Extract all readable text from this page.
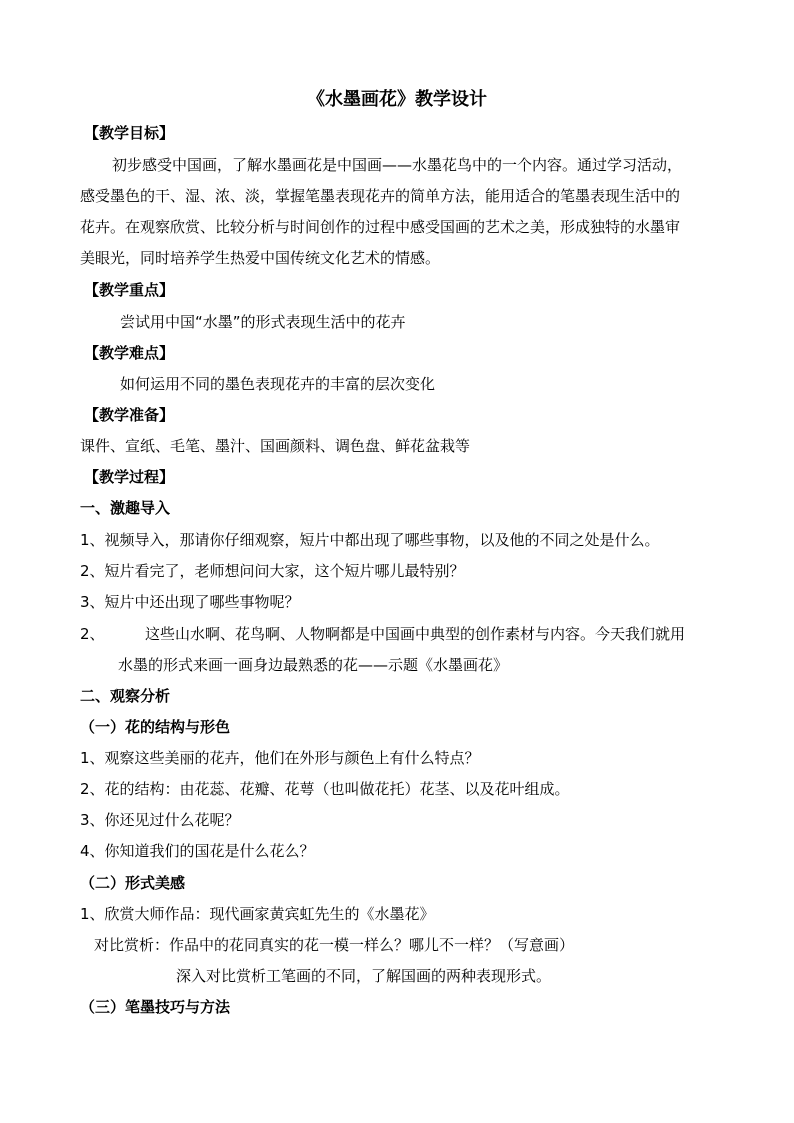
《水墨画花》教学设计
【教学目标】
初步感受中国画，了解水墨画花是中国画——水墨花鸟中的一个内容。通过学习活动，
感受墨色的干、湿、浓、淡，掌握笔墨表现花卉的简单方法，能用适合的笔墨表现生活中的
花卉。在观察欣赏、比较分析与时间创作的过程中感受国画的艺术之美，形成独特的水墨审
美眼光，同时培养学生热爱中国传统文化艺术的情感。
【教学重点】
尝试用中国“水墨”的形式表现生活中的花卉
【教学难点】
如何运用不同的墨色表现花卉的丰富的层次变化
【教学准备】
课件、宣纸、毛笔、墨汁、国画颜料、调色盘、鲜花盆栽等
【教学过程】
一、激趣导入
1、视频导入，那请你仔细观察，短片中都出现了哪些事物，以及他的不同之处是什么。
2、短片看完了，老师想问问大家，这个短片哪儿最特别？
3、短片中还出现了哪些事物呢？
2、	这些山水啊、花鸟啊、人物啊都是中国画中典型的创作素材与内容。今天我们就用
水墨的形式来画一画身边最熟悉的花——示题《水墨画花》
二、观察分析
（一）花的结构与形色
1、观察这些美丽的花卉，他们在外形与颜色上有什么特点？
2、花的结构：由花蕊、花瓣、花萼（也叫做花托）花茎、以及花叶组成。
3、你还见过什么花呢？
4、你知道我们的国花是什么花么？
（二）形式美感
1、欣赏大师作品：现代画家黄宾虹先生的《水墨花》
对比赏析：作品中的花同真实的花一模一样么？哪儿不一样？（写意画）
深入对比赏析工笔画的不同，了解国画的两种表现形式。
（三）笔墨技巧与方法
